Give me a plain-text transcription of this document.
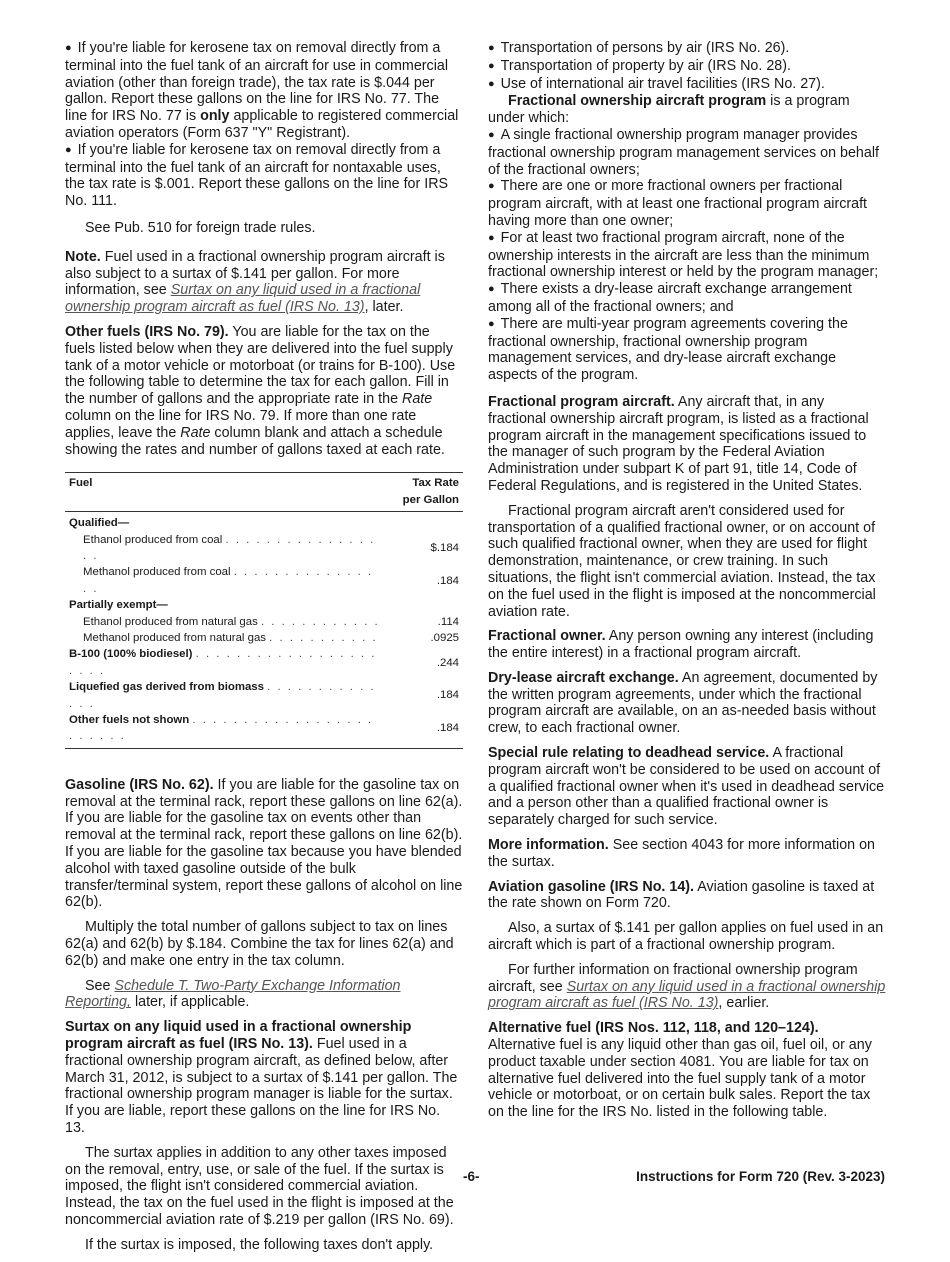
● If you're liable for kerosene tax on removal directly from a terminal into the fuel tank of an aircraft for use in commercial aviation (other than foreign trade), the tax rate is $.044 per gallon. Report these gallons on the line for IRS No. 77. The line for IRS No. 77 is only applicable to registered commercial aviation operators (Form 637 "Y" Registrant).

● If you're liable for kerosene tax on removal directly from a terminal into the fuel tank of an aircraft for nontaxable uses, the tax rate is $.001. Report these gallons on the line for IRS No. 111.

See Pub. 510 for foreign trade rules.

Note. Fuel used in a fractional ownership program aircraft is also subject to a surtax of $.141 per gallon. For more information, see Surtax on any liquid used in a fractional ownership program aircraft as fuel (IRS No. 13), later.

Other fuels (IRS No. 79). You are liable for the tax on the fuels listed below when they are delivered into the fuel supply tank of a motor vehicle or motorboat (or trains for B-100). Use the following table to determine the tax for each gallon. Fill in the number of gallons and the appropriate rate in the Rate column on the line for IRS No. 79. If more than one rate applies, leave the Rate column blank and attach a schedule showing the rates and number of gallons taxed at each rate.

Fuel	Tax Rate
per Gallon
Qualified—	
Ethanol produced from coal . . . . . . . . . . . . . . . . .	$.184
Methanol produced from coal . . . . . . . . . . . . . . . .	.184
Partially exempt—	
Ethanol produced from natural gas . . . . . . . . . . . .	.114
Methanol produced from natural gas . . . . . . . . . . .	.0925
B-100 (100% biodiesel) . . . . . . . . . . . . . . . . . . . . . .	.244
Liquefied gas derived from biomass . . . . . . . . . . . . . .	.184
Other fuels not shown . . . . . . . . . . . . . . . . . . . . . . . .	.184

Gasoline (IRS No. 62). If you are liable for the gasoline tax on removal at the terminal rack, report these gallons on line 62(a). If you are liable for the gasoline tax on events other than removal at the terminal rack, report these gallons on line 62(b). If you are liable for the gasoline tax because you have blended alcohol with taxed gasoline outside of the bulk transfer/terminal system, report these gallons of alcohol on line 62(b).

Multiply the total number of gallons subject to tax on lines 62(a) and 62(b) by $.184. Combine the tax for lines 62(a) and 62(b) and make one entry in the tax column.

See Schedule T. Two-Party Exchange Information Reporting, later, if applicable.

Surtax on any liquid used in a fractional ownership program aircraft as fuel (IRS No. 13). Fuel used in a fractional ownership program aircraft, as defined below, after March 31, 2012, is subject to a surtax of $.141 per gallon. The fractional ownership program manager is liable for the surtax. If you are liable, report these gallons on the line for IRS No. 13.

The surtax applies in addition to any other taxes imposed on the removal, entry, use, or sale of the fuel. If the surtax is imposed, the flight isn't considered commercial aviation. Instead, the tax on the fuel used in the flight is imposed at the noncommercial aviation rate of $.219 per gallon (IRS No. 69).

If the surtax is imposed, the following taxes don't apply.

● Transportation of persons by air (IRS No. 26).

● Transportation of property by air (IRS No. 28).

● Use of international air travel facilities (IRS No. 27).

Fractional ownership aircraft program is a program under which:

● A single fractional ownership program manager provides fractional ownership program management services on behalf of the fractional owners;

● There are one or more fractional owners per fractional program aircraft, with at least one fractional program aircraft having more than one owner;

● For at least two fractional program aircraft, none of the ownership interests in the aircraft are less than the minimum fractional ownership interest or held by the program manager;

● There exists a dry-lease aircraft exchange arrangement among all of the fractional owners; and

● There are multi-year program agreements covering the fractional ownership, fractional ownership program management services, and dry-lease aircraft exchange aspects of the program.

Fractional program aircraft. Any aircraft that, in any fractional ownership aircraft program, is listed as a fractional program aircraft in the management specifications issued to the manager of such program by the Federal Aviation Administration under subpart K of part 91, title 14, Code of Federal Regulations, and is registered in the United States.

Fractional program aircraft aren't considered used for transportation of a qualified fractional owner, or on account of such qualified fractional owner, when they are used for flight demonstration, maintenance, or crew training. In such situations, the flight isn't commercial aviation. Instead, the tax on the fuel used in the flight is imposed at the noncommercial aviation rate.

Fractional owner. Any person owning any interest (including the entire interest) in a fractional program aircraft.

Dry-lease aircraft exchange. An agreement, documented by the written program agreements, under which the fractional program aircraft are available, on an as-needed basis without crew, to each fractional owner.

Special rule relating to deadhead service. A fractional program aircraft won't be considered to be used on account of a qualified fractional owner when it's used in deadhead service and a person other than a qualified fractional owner is separately charged for such service.

More information. See section 4043 for more information on the surtax.

Aviation gasoline (IRS No. 14). Aviation gasoline is taxed at the rate shown on Form 720.

Also, a surtax of $.141 per gallon applies on fuel used in an aircraft which is part of a fractional ownership program.

For further information on fractional ownership program aircraft, see Surtax on any liquid used in a fractional ownership program aircraft as fuel (IRS No. 13), earlier.

Alternative fuel (IRS Nos. 112, 118, and 120–124).
Alternative fuel is any liquid other than gas oil, fuel oil, or any product taxable under section 4081. You are liable for tax on alternative fuel delivered into the fuel supply tank of a motor vehicle or motorboat, or on certain bulk sales. Report the tax on the line for the IRS No. listed in the following table.

-6-	Instructions for Form 720 (Rev. 3-2023)
